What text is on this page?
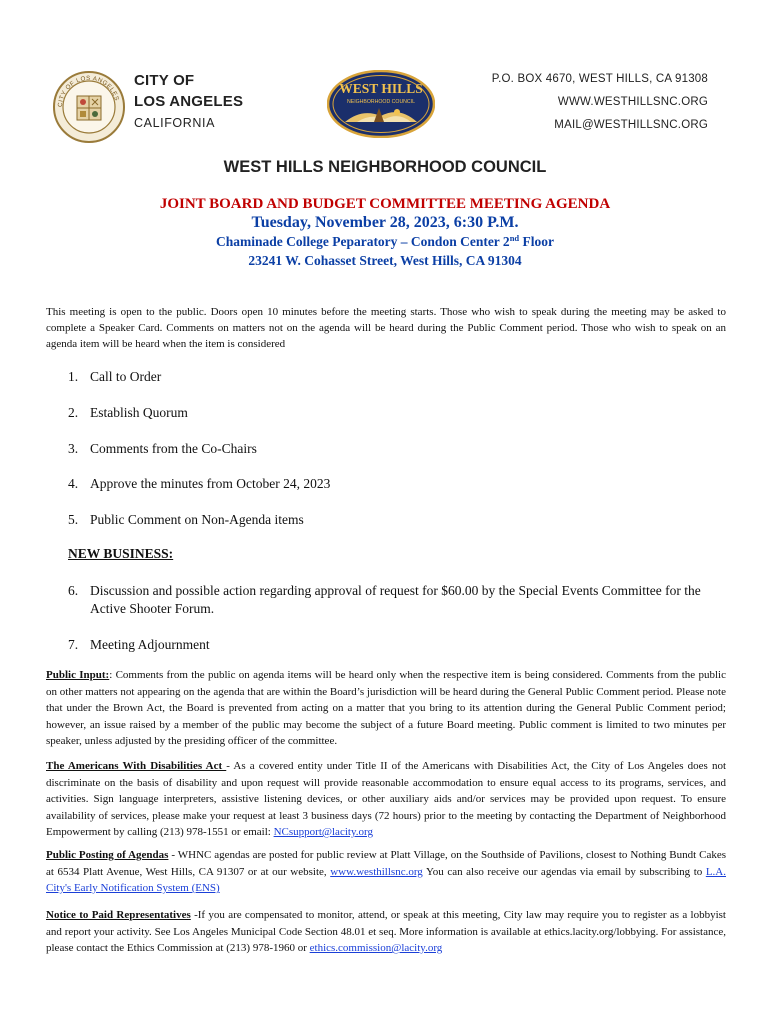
CITY OF LOS ANGELES
CITY OF
LOS ANGELES
CALIFORNIA
WEST HILLS
NEIGHBORHOOD COUNCIL
P.O. BOX 4670, WEST HILLS, CA 91308
WWW.WESTHILLSNC.ORG
MAIL@WESTHILLSNC.ORG
WEST HILLS NEIGHBORHOOD COUNCIL
JOINT BOARD AND BUDGET COMMITTEE MEETING AGENDA
Tuesday, November 28, 2023, 6:30 P.M.
Chaminade College Peparatory – Condon Center 2nd Floor
23241 W. Cohasset Street, West Hills, CA 91304
This meeting is open to the public. Doors open 10 minutes before the meeting starts. Those who wish to speak during the meeting may be asked to complete a Speaker Card. Comments on matters not on the agenda will be heard during the Public Comment period. Those who wish to speak on an agenda item will be heard when the item is considered
1. Call to Order
2. Establish Quorum
3. Comments from the Co-Chairs
4. Approve the minutes from October 24, 2023
5. Public Comment on Non-Agenda items
6. Discussion and possible action regarding approval of request for $60.00 by the Special Events Committee for the Active Shooter Forum.
7. Meeting Adjournment
NEW BUSINESS:
Public Input:: Comments from the public on agenda items will be heard only when the respective item is being considered. Comments from the public on other matters not appearing on the agenda that are within the Board’s jurisdiction will be heard during the General Public Comment period. Please note that under the Brown Act, the Board is prevented from acting on a matter that you bring to its attention during the General Public Comment period; however, an issue raised by a member of the public may become the subject of a future Board meeting. Public comment is limited to two minutes per speaker, unless adjusted by the presiding officer of the committee.
The Americans With Disabilities Act - As a covered entity under Title II of the Americans with Disabilities Act, the City of Los Angeles does not discriminate on the basis of disability and upon request will provide reasonable accommodation to ensure equal access to its programs, services, and activities. Sign language interpreters, assistive listening devices, or other auxiliary aids and/or services may be provided upon request. To ensure availability of services, please make your request at least 3 business days (72 hours) prior to the meeting by contacting the Department of Neighborhood Empowerment by calling (213) 978-1551 or email: NCsupport@lacity.org
Public Posting of Agendas - WHNC agendas are posted for public review at Platt Village, on the Southside of Pavilions, closest to Nothing Bundt Cakes at 6534 Platt Avenue, West Hills, CA 91307 or at our website, www.westhillsnc.org You can also receive our agendas via email by subscribing to L.A. City's Early Notification System (ENS)
Notice to Paid Representatives -If you are compensated to monitor, attend, or speak at this meeting, City law may require you to register as a lobbyist and report your activity. See Los Angeles Municipal Code Section 48.01 et seq. More information is available at ethics.lacity.org/lobbying. For assistance, please contact the Ethics Commission at (213) 978-1960 or ethics.commission@lacity.org
